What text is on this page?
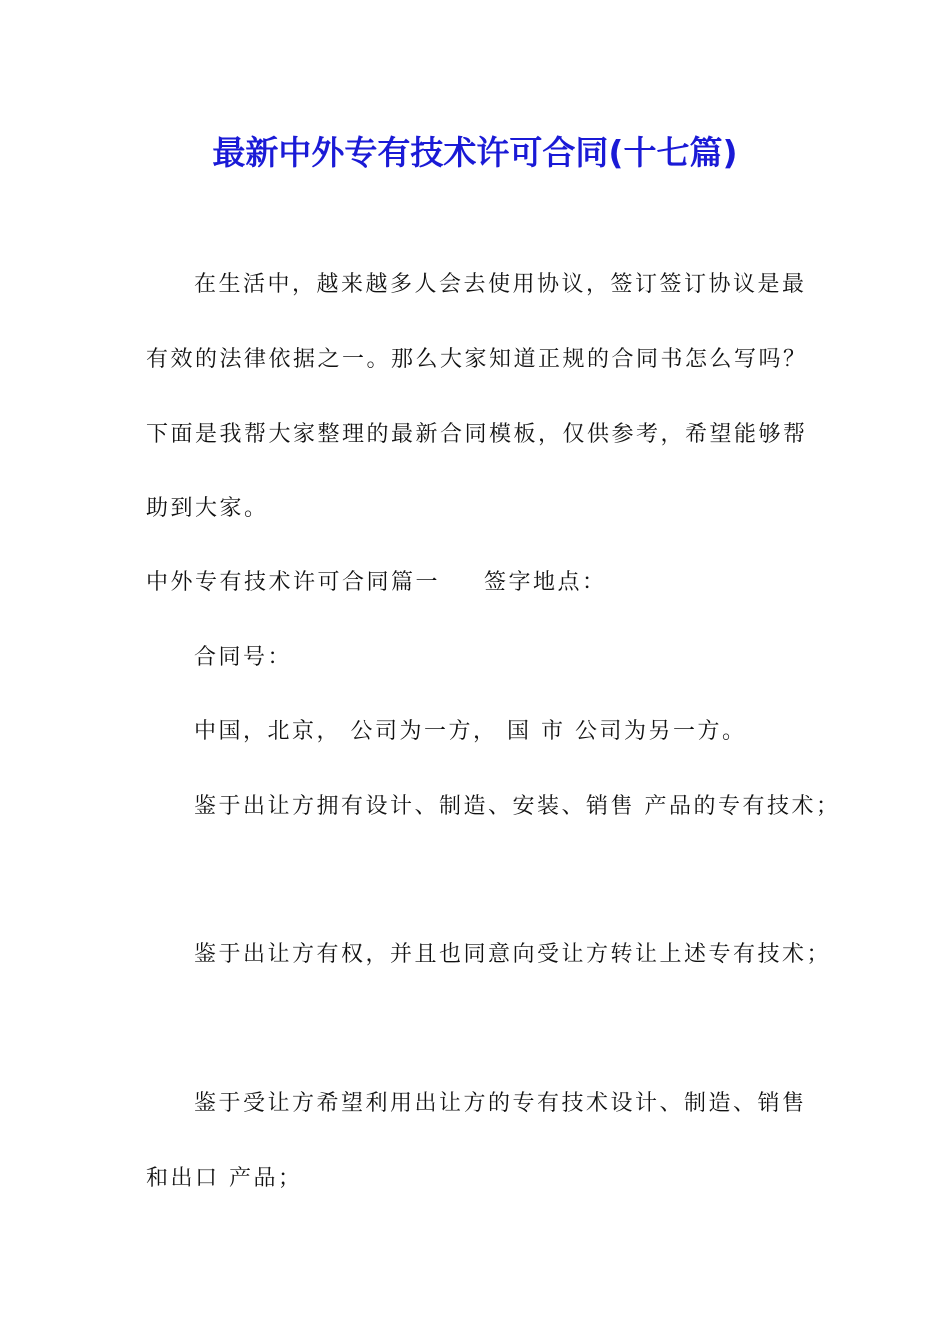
最新中外专有技术许可合同(十七篇)

在生活中，越来越多人会去使用协议，签订签订协议是最

有效的法律依据之一。那么大家知道正规的合同书怎么写吗？

下面是我帮大家整理的最新合同模板，仅供参考，希望能够帮

助到大家。

中外专有技术许可合同篇一 签字地点：

合同号：

中国，北京， 公司为一方， 国 市 公司为另一方。

鉴于出让方拥有设计、制造、安装、销售 产品的专有技术；

鉴于出让方有权，并且也同意向受让方转让上述专有技术；

鉴于受让方希望利用出让方的专有技术设计、制造、销售

和出口 产品；
